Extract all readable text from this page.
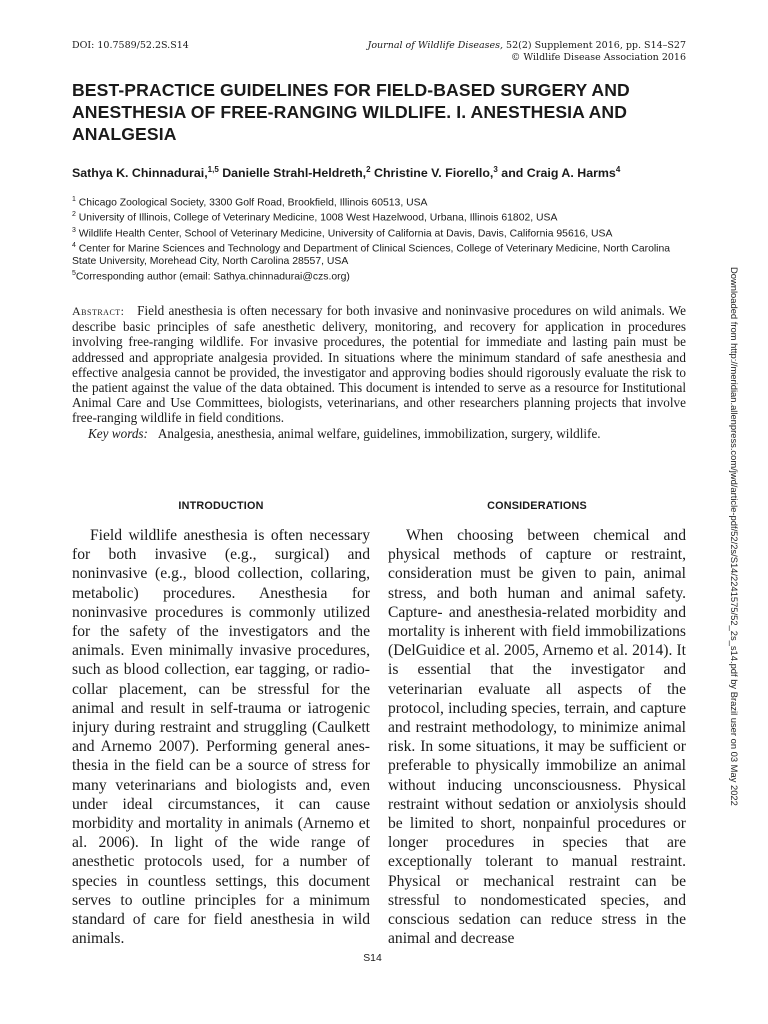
DOI: 10.7589/52.2S.S14	Journal of Wildlife Diseases, 52(2) Supplement 2016, pp. S14–S27
© Wildlife Disease Association 2016
BEST-PRACTICE GUIDELINES FOR FIELD-BASED SURGERY AND ANESTHESIA OF FREE-RANGING WILDLIFE. I. ANESTHESIA AND ANALGESIA
Sathya K. Chinnadurai,$^{1,5}$ Danielle Strahl-Heldreth,$^2$ Christine V. Fiorello,$^3$ and Craig A. Harms$^4$
$^1$ Chicago Zoological Society, 3300 Golf Road, Brookfield, Illinois 60513, USA
$^2$ University of Illinois, College of Veterinary Medicine, 1008 West Hazelwood, Urbana, Illinois 61802, USA
$^3$ Wildlife Health Center, School of Veterinary Medicine, University of California at Davis, Davis, California 95616, USA
$^4$ Center for Marine Sciences and Technology and Department of Clinical Sciences, College of Veterinary Medicine, North Carolina State University, Morehead City, North Carolina 28557, USA
$^5$Corresponding author (email: Sathya.chinnadurai@czs.org)
Abstract: Field anesthesia is often necessary for both invasive and noninvasive procedures on wild animals. We describe basic principles of safe anesthetic delivery, monitoring, and recovery for application in procedures involving free-ranging wildlife. For invasive procedures, the potential for immediate and lasting pain must be addressed and appropriate analgesia provided. In situations where the minimum standard of safe anesthesia and effective analgesia cannot be provided, the investigator and approving bodies should rigorously evaluate the risk to the patient against the value of the data obtained. This document is intended to serve as a resource for Institutional Animal Care and Use Committees, biologists, veterinarians, and other researchers planning projects that involve free-ranging wildlife in field conditions.
Key words: Analgesia, anesthesia, animal welfare, guidelines, immobilization, surgery, wildlife.	Downloaded from http://meridian.allenpress.com/jwd/article-pdf/52/2s/S14/2241575/52_2s_s14.pdf by Brazil user on 03 May 2022
INTRODUCTION	CONSIDERATIONS
Field wildlife anesthesia is often necessary for both invasive (e.g., surgical) and noninvasive (e.g., blood collection, collaring, metabolic) procedures. Anesthesia for noninvasive procedures is commonly utilized for the safety of the investigators and the animals. Even minimally invasive procedures, such as blood collection, ear tagging, or radio-collar placement, can be stressful for the animal and result in self-trauma or iatrogenic injury during restraint and struggling (Caulkett and Arnemo 2007). Performing general anesthesia in the field can be a source of stress for many veterinarians and biologists and, even under ideal circumstances, it can cause morbidity and mortality in animals (Arnemo et al. 2006). In light of the wide range of anesthetic protocols used, for a number of species in countless settings, this document serves to outline principles for a minimum standard of care for field anesthesia in wild animals.
When choosing between chemical and physical methods of capture or restraint, consideration must be given to pain, animal stress, and both human and animal safety. Capture- and anesthesia-related morbidity and mortality is inherent with field immobilizations (DelGuidice et al. 2005, Arnemo et al. 2014). It is essential that the investigator and veterinarian evaluate all aspects of the protocol, including species, terrain, and capture and restraint methodology, to minimize animal risk. In some situations, it may be sufficient or preferable to physically immobilize an animal without inducing unconsciousness. Physical restraint without sedation or anxiolysis should be limited to short, nonpainful procedures or longer procedures in species that are exceptionally tolerant to manual restraint. Physical or mechanical restraint can be stressful to nondomesticated species, and conscious sedation can reduce stress in the animal and decrease
S14
